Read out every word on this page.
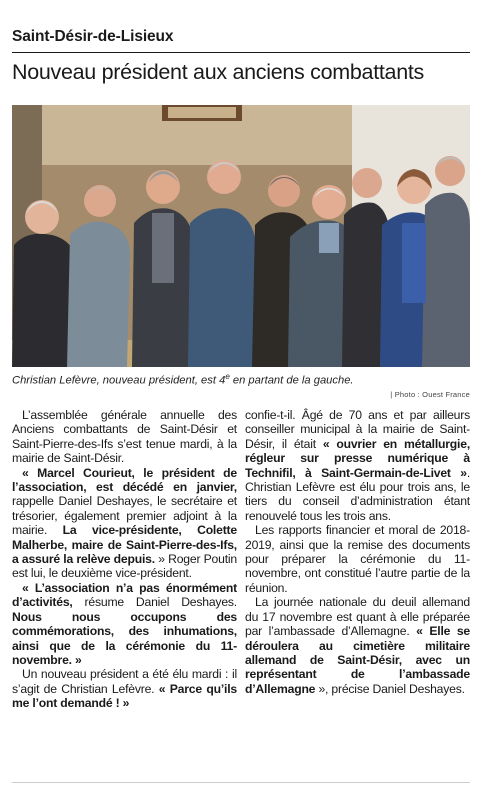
Saint-Désir-de-Lisieux
Nouveau président aux anciens combattants
Christian Lefèvre, nouveau président, est 4e en partant de la gauche.
| Photo : Ouest France

L’assemblée générale annuelle des Anciens combattants de Saint-Désir et Saint-Pierre-des-Ifs s’est tenue mardi, à la mairie de Saint-Désir.

« Marcel Courieut, le président de l’association, est décédé en janvier, rappelle Daniel Deshayes, le secrétaire et trésorier, également premier adjoint à la mairie. La vice-présidente, Colette Malherbe, maire de Saint-Pierre-des-Ifs, a assuré la relève depuis. » Roger Poutin est lui, le deuxième vice-président.

« L’association n’a pas énormément d’activités, résume Daniel Deshayes. Nous nous occupons des commémorations, des inhumations, ainsi que de la cérémonie du 11-novembre. »

Un nouveau président a été élu mardi : il s’agit de Christian Lefèvre. « Parce qu’ils me l’ont demandé ! »

confie-t-il. Âgé de 70 ans et par ailleurs conseiller municipal à la mairie de Saint-Désir, il était « ouvrier en métallurgie, régleur sur presse numérique à Technifil, à Saint-Germain-de-Livet ». Christian Lefèvre est élu pour trois ans, le tiers du conseil d’administration étant renouvelé tous les trois ans.

Les rapports financier et moral de 2018-2019, ainsi que la remise des documents pour préparer la cérémonie du 11-novembre, ont constitué l’autre partie de la réunion.

La journée nationale du deuil allemand du 17 novembre est quant à elle préparée par l’ambassade d’Allemagne. « Elle se déroulera au cimetière militaire allemand de Saint-Désir, avec un représentant de l’ambassade d’Allemagne », précise Daniel Deshayes.
